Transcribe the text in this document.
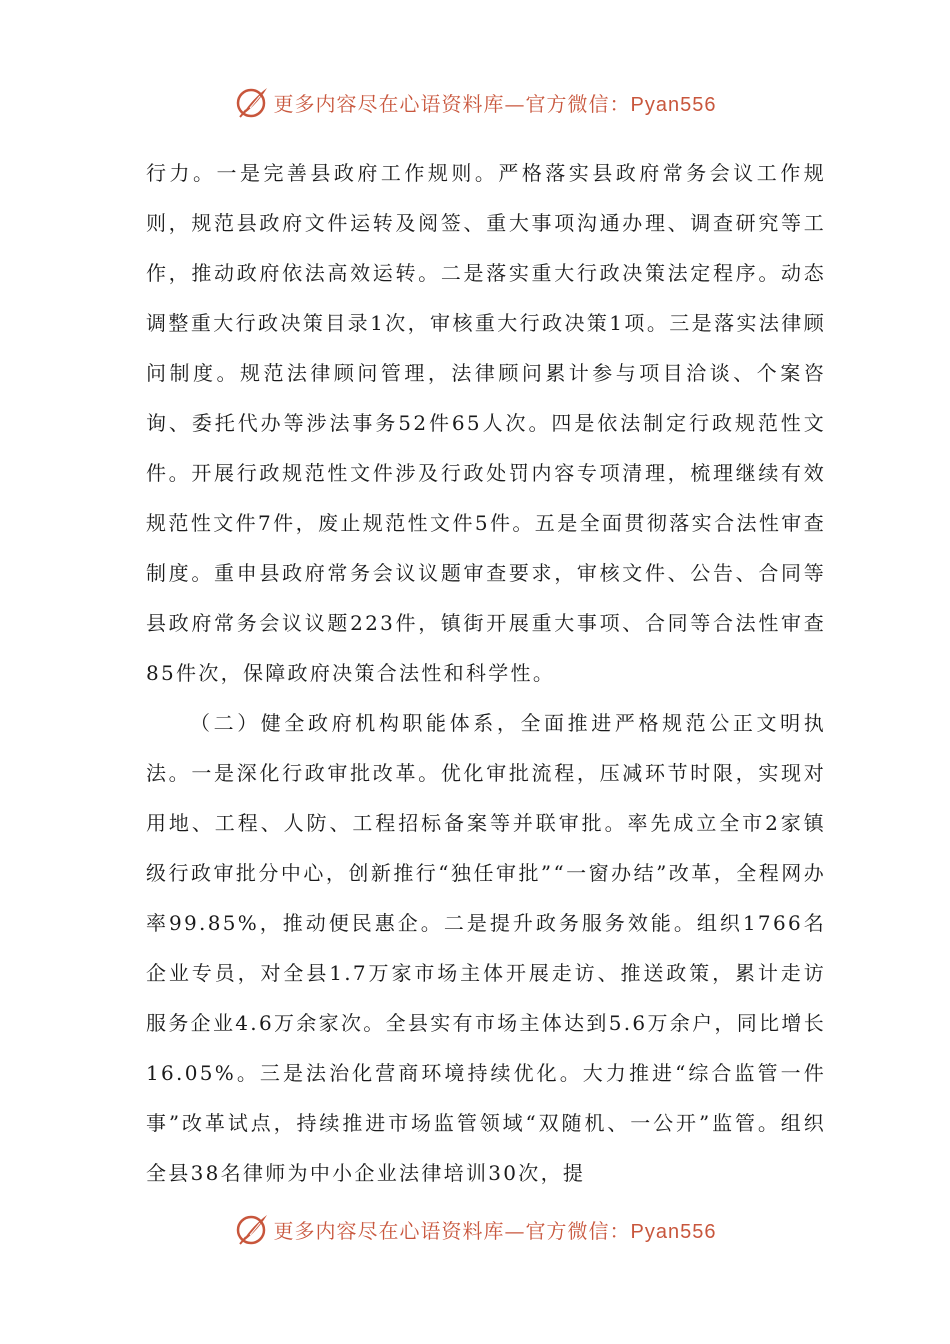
更多内容尽在心语资料库—官方微信：Pyan556

行力。一是完善县政府工作规则。严格落实县政府常务会议工作规则，规范县政府文件运转及阅签、重大事项沟通办理、调查研究等工作，推动政府依法高效运转。二是落实重大行政决策法定程序。动态调整重大行政决策目录1次，审核重大行政决策1项。三是落实法律顾问制度。规范法律顾问管理，法律顾问累计参与项目洽谈、个案咨询、委托代办等涉法事务52件65人次。四是依法制定行政规范性文件。开展行政规范性文件涉及行政处罚内容专项清理，梳理继续有效规范性文件7件，废止规范性文件5件。五是全面贯彻落实合法性审查制度。重申县政府常务会议议题审查要求，审核文件、公告、合同等县政府常务会议议题223件，镇街开展重大事项、合同等合法性审查85件次，保障政府决策合法性和科学性。

（二）健全政府机构职能体系，全面推进严格规范公正文明执法。一是深化行政审批改革。优化审批流程，压减环节时限，实现对用地、工程、人防、工程招标备案等并联审批。率先成立全市2家镇级行政审批分中心，创新推行“独任审批”“一窗办结”改革，全程网办率99.85%，推动便民惠企。二是提升政务服务效能。组织1766名企业专员，对全县1.7万家市场主体开展走访、推送政策，累计走访服务企业4.6万余家次。全县实有市场主体达到5.6万余户，同比增长16.05%。三是法治化营商环境持续优化。大力推进“综合监管一件事”改革试点，持续推进市场监管领域“双随机、一公开”监管。组织全县38名律师为中小企业法律培训30次，提

更多内容尽在心语资料库—官方微信：Pyan556
